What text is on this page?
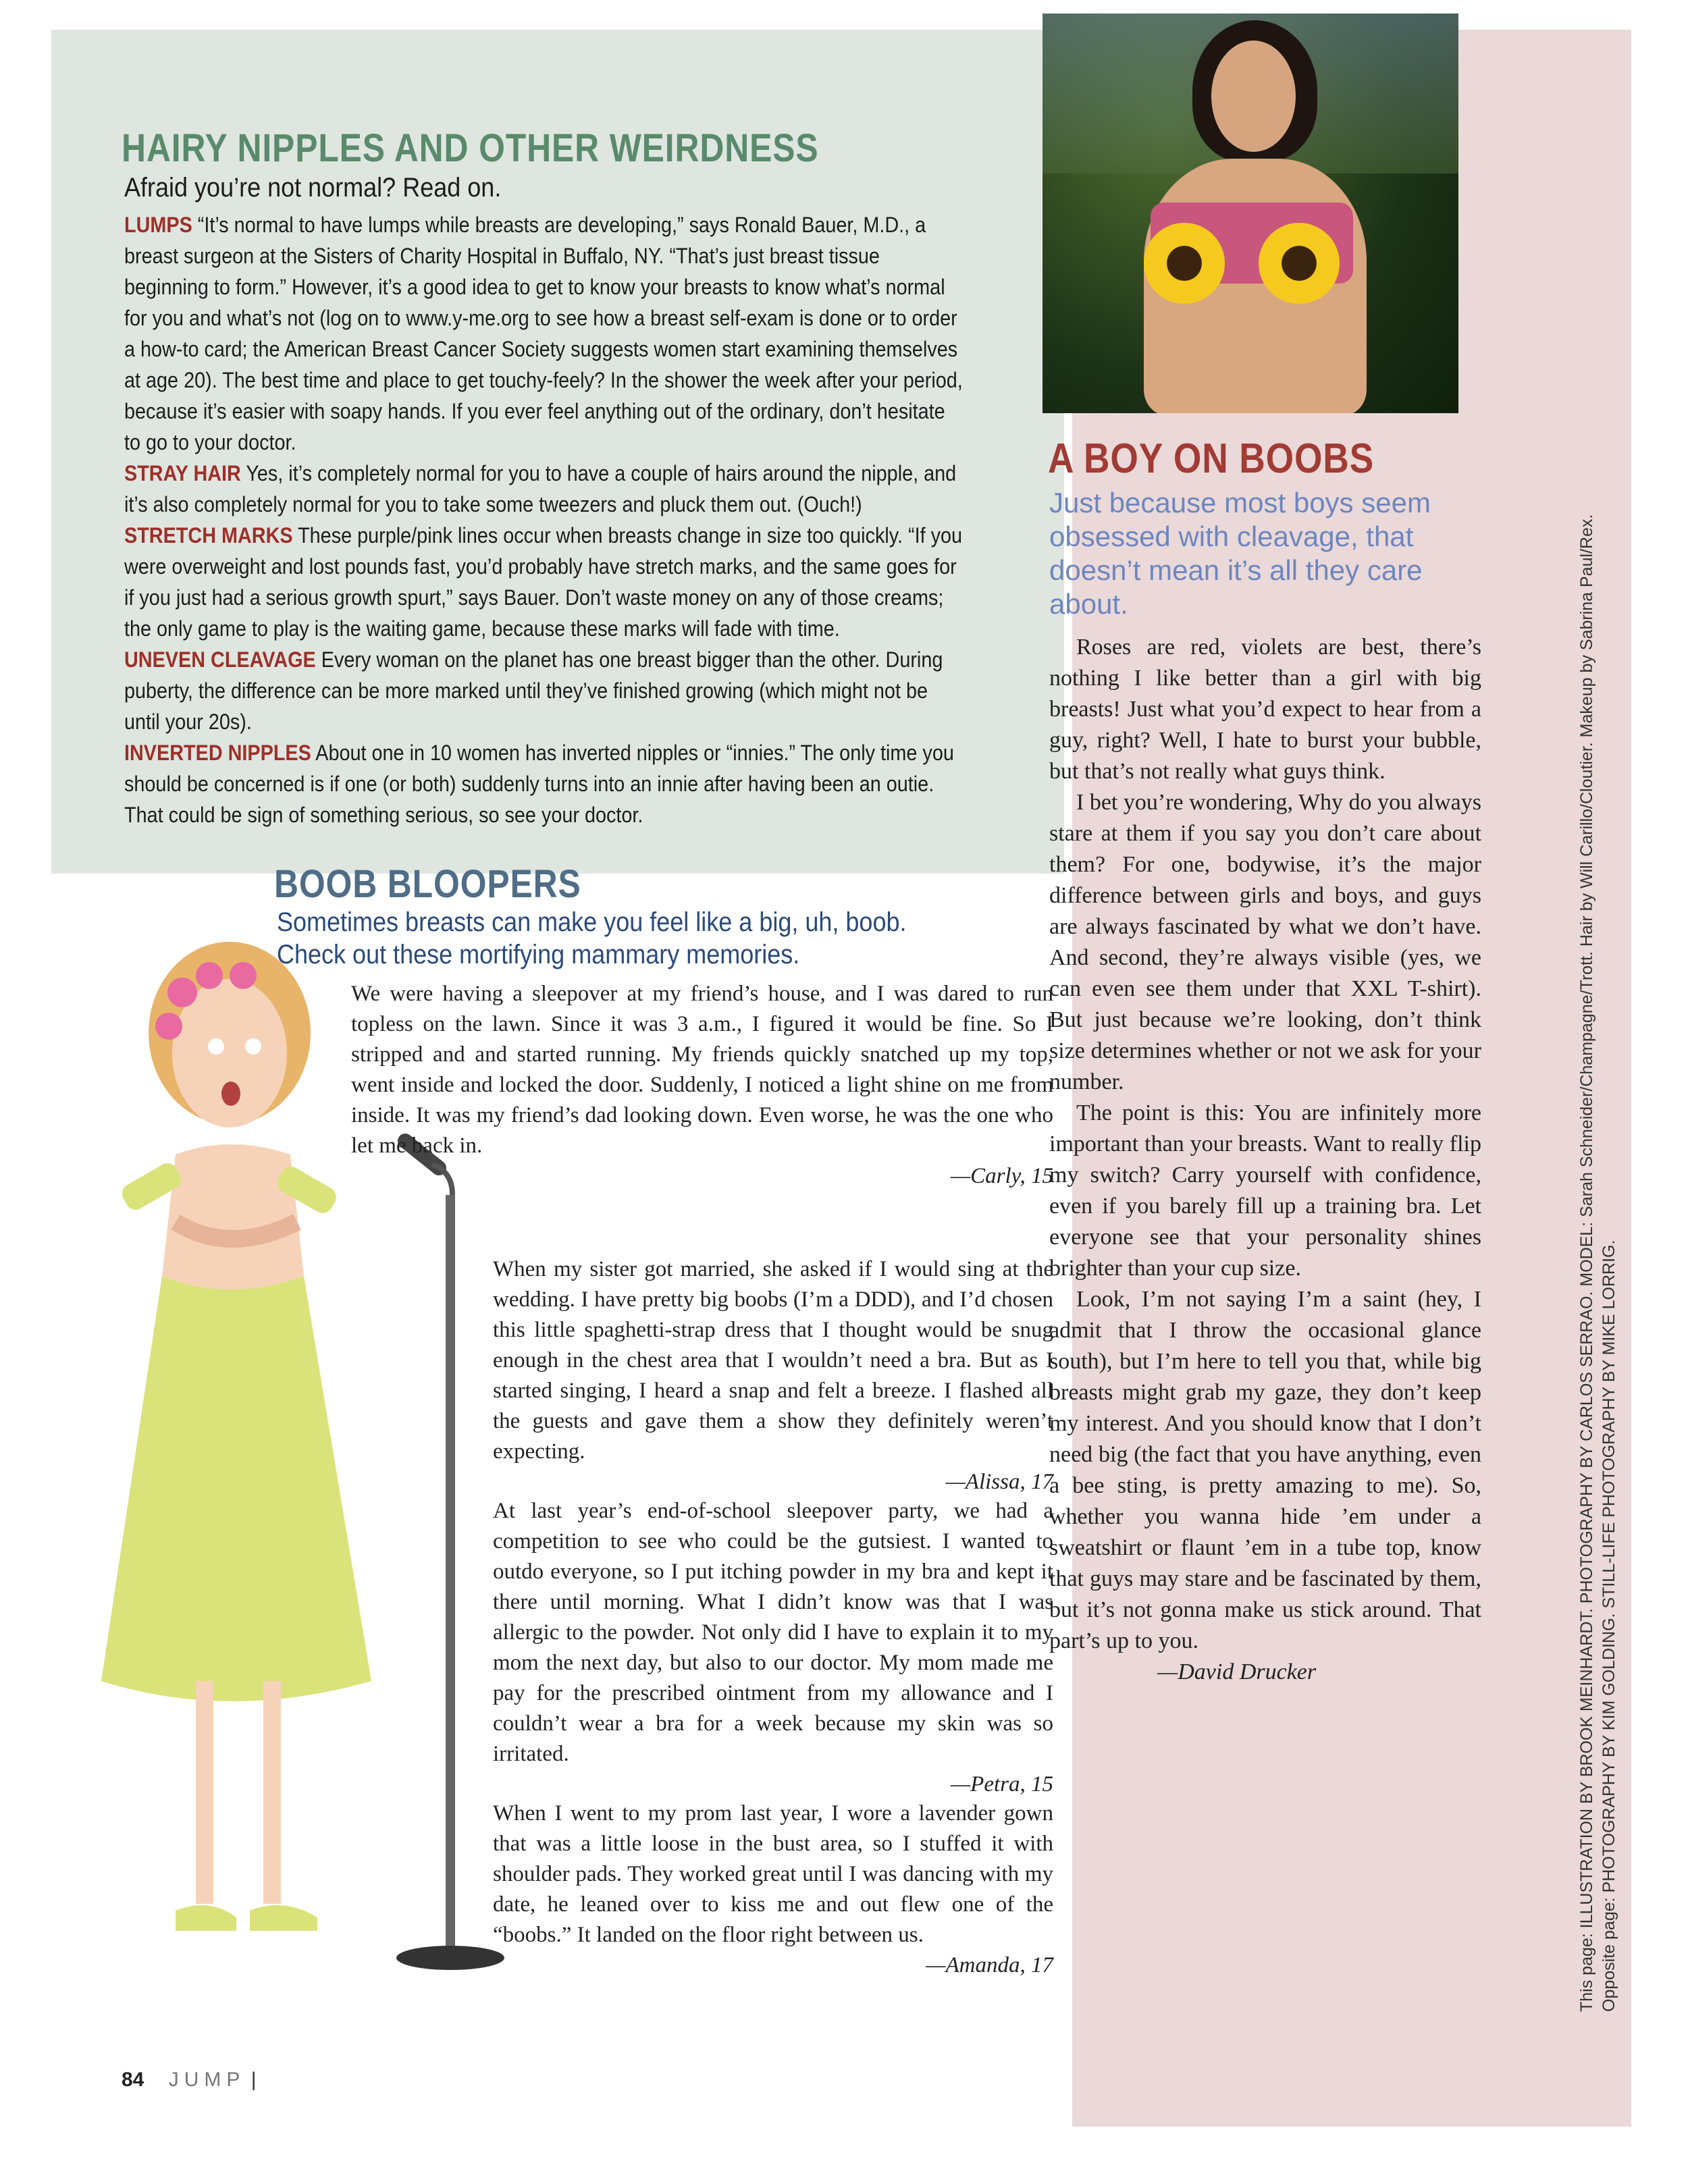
HAIRY NIPPLES AND OTHER WEIRDNESS
Afraid you’re not normal? Read on.

LUMPS “It’s normal to have lumps while breasts are developing,” says Ronald Bauer, M.D., a breast surgeon at the Sisters of Charity Hospital in Buffalo, NY. “That’s just breast tissue beginning to form.” However, it’s a good idea to get to know your breasts to know what’s normal for you and what’s not (log on to www.y-me.org to see how a breast self-exam is done or to order a how-to card; the American Breast Cancer Society suggests women start examining themselves at age 20). The best time and place to get touchy-feely? In the shower the week after your period, because it’s easier with soapy hands. If you ever feel anything out of the ordinary, don’t hesitate to go to your doctor.

STRAY HAIR Yes, it’s completely normal for you to have a couple of hairs around the nipple, and it’s also completely normal for you to take some tweezers and pluck them out. (Ouch!)

STRETCH MARKS These purple/pink lines occur when breasts change in size too quickly. “If you were overweight and lost pounds fast, you’d probably have stretch marks, and the same goes for if you just had a serious growth spurt,” says Bauer. Don’t waste money on any of those creams; the only game to play is the waiting game, because these marks will fade with time.

UNEVEN CLEAVAGE Every woman on the planet has one breast bigger than the other. During puberty, the difference can be more marked until they’ve finished growing (which might not be until your 20s).

INVERTED NIPPLES About one in 10 women has inverted nipples or “innies.” The only time you should be concerned is if one (or both) suddenly turns into an innie after having been an outie. That could be sign of something serious, so see your doctor.

BOOB BLOOPERS
Sometimes breasts can make you feel like a big, uh, boob. Check out these mortifying mammary memories.

We were having a sleepover at my friend’s house, and I was dared to run topless on the lawn. Since it was 3 a.m., I figured it would be fine. So I stripped and and started running. My friends quickly snatched up my top, went inside and locked the door. Suddenly, I noticed a light shine on me from inside. It was my friend’s dad looking down. Even worse, he was the one who let me back in.

—Carly, 15

When my sister got married, she asked if I would sing at the wedding. I have pretty big boobs (I’m a DDD), and I’d chosen this little spaghetti-strap dress that I thought would be snug enough in the chest area that I wouldn’t need a bra. But as I started singing, I heard a snap and felt a breeze. I flashed all the guests and gave them a show they definitely weren’t expecting.

—Alissa, 17

At last year’s end-of-school sleepover party, we had a competition to see who could be the gutsiest. I wanted to outdo everyone, so I put itching powder in my bra and kept it there until morning. What I didn’t know was that I was allergic to the powder. Not only did I have to explain it to my mom the next day, but also to our doctor. My mom made me pay for the prescribed ointment from my allowance and I couldn’t wear a bra for a week because my skin was so irritated.

—Petra, 15

When I went to my prom last year, I wore a lavender gown that was a little loose in the bust area, so I stuffed it with shoulder pads. They worked great until I was dancing with my date, he leaned over to kiss me and out flew one of the “boobs.” It landed on the floor right between us.

—Amanda, 17
A BOY ON BOOBS
Just because most boys seem obsessed with cleavage, that doesn’t mean it’s all they care about.

Roses are red, violets are best, there’s nothing I like better than a girl with big breasts! Just what you’d expect to hear from a guy, right? Well, I hate to burst your bubble, but that’s not really what guys think.

I bet you’re wondering, Why do you always stare at them if you say you don’t care about them? For one, bodywise, it’s the major difference between girls and boys, and guys are always fascinated by what we don’t have. And second, they’re always visible (yes, we can even see them under that XXL T-shirt). But just because we’re looking, don’t think size determines whether or not we ask for your number.

The point is this: You are infinitely more important than your breasts. Want to really flip my switch? Carry yourself with confidence, even if you barely fill up a training bra. Let everyone see that your personality shines brighter than your cup size.

Look, I’m not saying I’m a saint (hey, I admit that I throw the occasional glance south), but I’m here to tell you that, while big breasts might grab my gaze, they don’t keep my interest. And you should know that I don’t need big (the fact that you have anything, even a bee sting, is pretty amazing to me). So, whether you wanna hide ’em under a sweatshirt or flaunt ’em in a tube top, know that guys may stare and be fascinated by them, but it’s not gonna make us stick around. That part’s up to you.

—David Drucker	This page: ILLUSTRATION BY BROOK MEINHARDT. PHOTOGRAPHY BY CARLOS SERRAO. MODEL: Sarah Schneider/Champagne/Trott. Hair by Will Carillo/Cloutier. Makeup by Sabrina Paul/Rex. Opposite page: PHOTOGRAPHY BY KIM GOLDING. STILL-LIFE PHOTOGRAPHY BY MIKE LORRIG.
84 JUMP |
